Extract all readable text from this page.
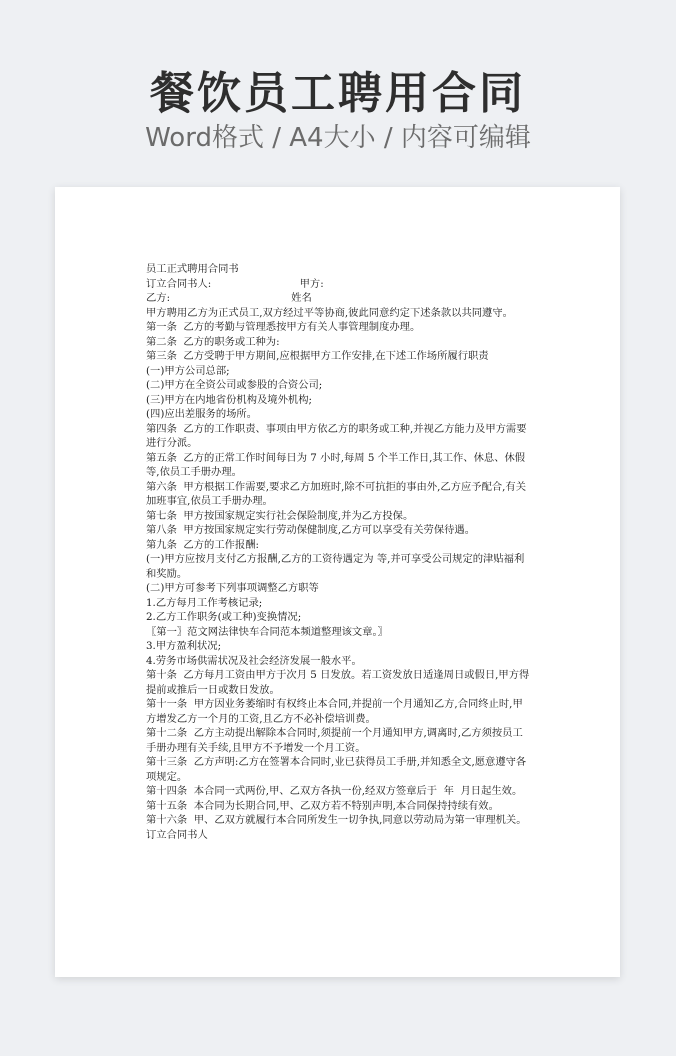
餐饮员工聘用合同
Word格式 / A4大小 / 内容可编辑

员工正式聘用合同书

订立合同书人:                           甲方:

乙方:                                     姓名

甲方聘用乙方为正式员工,双方经过平等协商,彼此同意约定下述条款以共同遵守。

第一条  乙方的考勤与管理悉按甲方有关人事管理制度办理。

第二条  乙方的职务或工种为:

第三条  乙方受聘于甲方期间,应根据甲方工作安排,在下述工作场所履行职责

(一)甲方公司总部;

(二)甲方在全资公司或参股的合资公司;

(三)甲方在内地省份机构及境外机构;

(四)应出差服务的场所。

第四条  乙方的工作职责、事项由甲方依乙方的职务或工种,并视乙方能力及甲方需要进行分派。

第五条  乙方的正常工作时间每日为 7 小时,每周 5 个半工作日,其工作、休息、休假等,依员工手册办理。

第六条  甲方根据工作需要,要求乙方加班时,除不可抗拒的事由外,乙方应予配合,有关加班事宜,依员工手册办理。

第七条  甲方按国家规定实行社会保险制度,并为乙方投保。

第八条  甲方按国家规定实行劳动保健制度,乙方可以享受有关劳保待遇。

第九条  乙方的工作报酬:

(一)甲方应按月支付乙方报酬,乙方的工资待遇定为 等,并可享受公司规定的津贴福利和奖励。

(二)甲方可参考下列事项调整乙方职等

1.乙方每月工作考核记录;

2.乙方工作职务(或工种)变换情况;

〖第一〗范文网法律快车合同范本频道整理该文章。〗

3.甲方盈利状况;

4.劳务市场供需状况及社会经济发展一般水平。

第十条  乙方每月工资由甲方于次月 5 日发放。若工资发放日适逢周日或假日,甲方得提前或推后一日或数日发放。

第十一条  甲方因业务萎缩时有权终止本合同,并提前一个月通知乙方,合同终止时,甲方增发乙方一个月的工资,且乙方不必补偿培训费。

第十二条  乙方主动提出解除本合同时,须提前一个月通知甲方,调离时,乙方须按员工手册办理有关手续,且甲方不予增发一个月工资。

第十三条  乙方声明:乙方在签署本合同时,业已获得员工手册,并知悉全文,愿意遵守各项规定。

第十四条  本合同一式两份,甲、乙双方各执一份,经双方签章后于  年  月日起生效。

第十五条  本合同为长期合同,甲、乙双方若不特别声明,本合同保持持续有效。

第十六条  甲、乙双方就履行本合同所发生一切争执,同意以劳动局为第一审理机关。

订立合同书人
